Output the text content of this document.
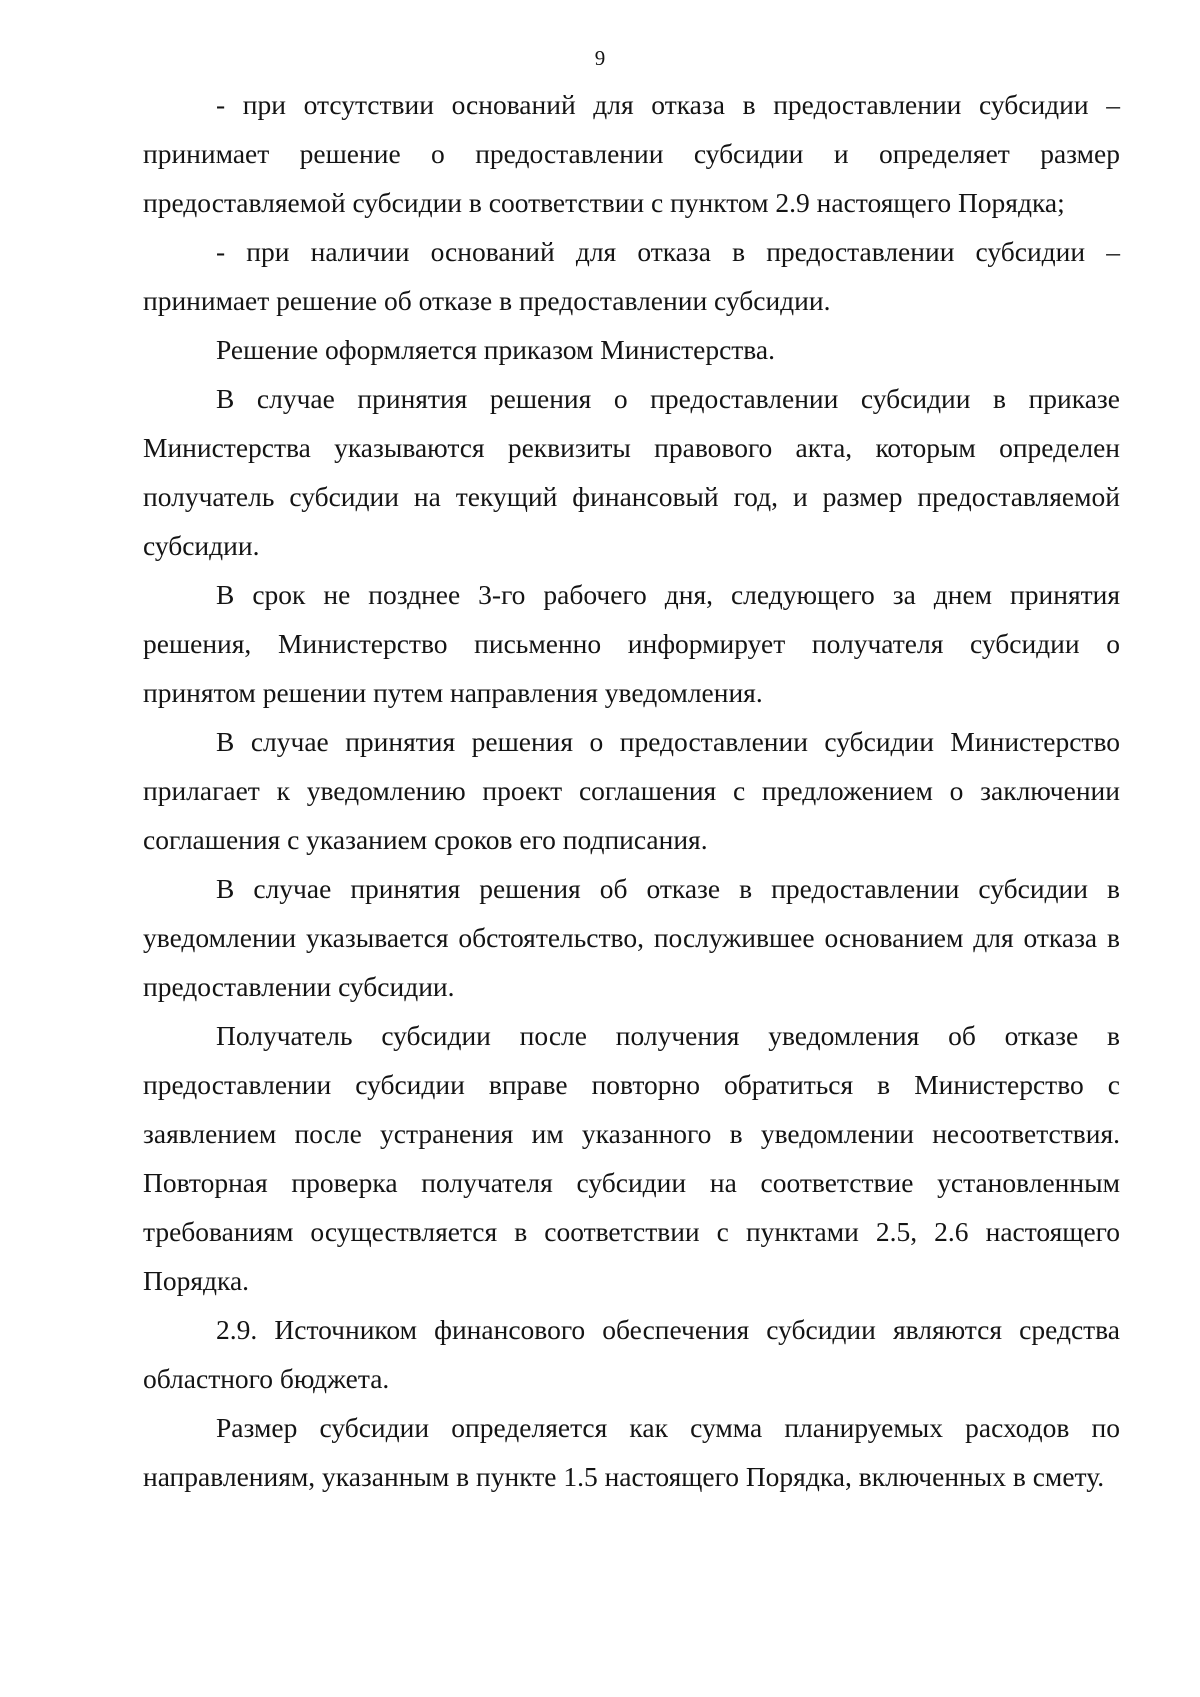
9

- при отсутствии оснований для отказа в предоставлении субсидии – принимает решение о предоставлении субсидии и определяет размер предоставляемой субсидии в соответствии с пунктом 2.9 настоящего Порядка;

- при наличии оснований для отказа в предоставлении субсидии – принимает решение об отказе в предоставлении субсидии.

Решение оформляется приказом Министерства.

В случае принятия решения о предоставлении субсидии в приказе Министерства указываются реквизиты правового акта, которым определен получатель субсидии на текущий финансовый год, и размер предоставляемой субсидии.

В срок не позднее 3-го рабочего дня, следующего за днем принятия решения, Министерство письменно информирует получателя субсидии о принятом решении путем направления уведомления.

В случае принятия решения о предоставлении субсидии Министерство прилагает к уведомлению проект соглашения с предложением о заключении соглашения с указанием сроков его подписания.

В случае принятия решения об отказе в предоставлении субсидии в уведомлении указывается обстоятельство, послужившее основанием для отказа в предоставлении субсидии.

Получатель субсидии после получения уведомления об отказе в предоставлении субсидии вправе повторно обратиться в Министерство с заявлением после устранения им указанного в уведомлении несоответствия. Повторная проверка получателя субсидии на соответствие установленным требованиям осуществляется в соответствии с пунктами 2.5, 2.6 настоящего Порядка.

2.9. Источником финансового обеспечения субсидии являются средства областного бюджета.

Размер субсидии определяется как сумма планируемых расходов по направлениям, указанным в пункте 1.5 настоящего Порядка, включенных в смету.
